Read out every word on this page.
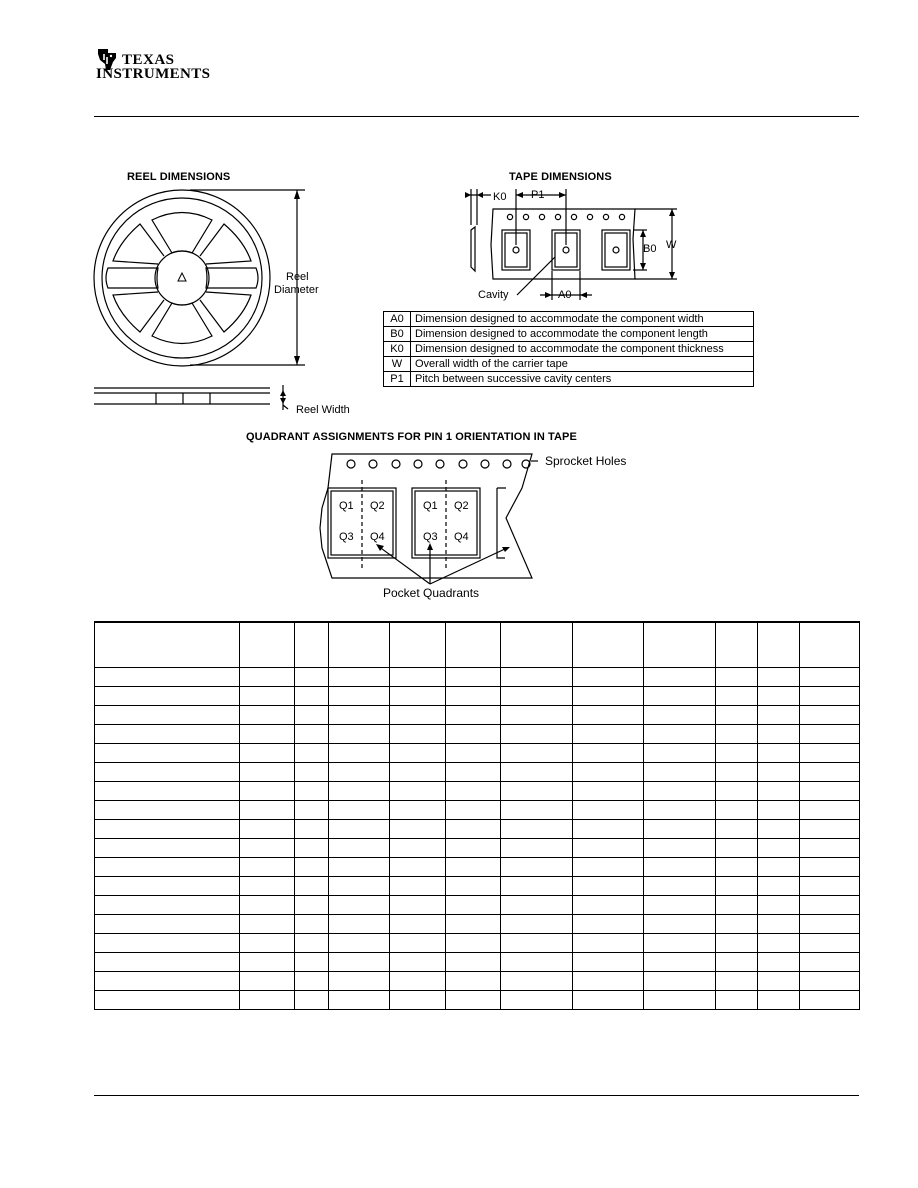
TEXAS
INSTRUMENTS
REEL DIMENSIONS
Reel
Diameter
Reel Width
TAPE DIMENSIONS
K0 P1
B0 W
Cavity	A0
A0	Dimension designed to accommodate the component width
B0	Dimension designed to accommodate the component length
K0	Dimension designed to accommodate the component thickness
W	Overall width of the carrier tape
P1	Pitch between successive cavity centers
QUADRANT ASSIGNMENTS FOR PIN 1 ORIENTATION IN TAPE
Sprocket Holes
Q1 Q2
Q3 Q4
Q1 Q2
Q3 Q4
Pocket Quadrants
